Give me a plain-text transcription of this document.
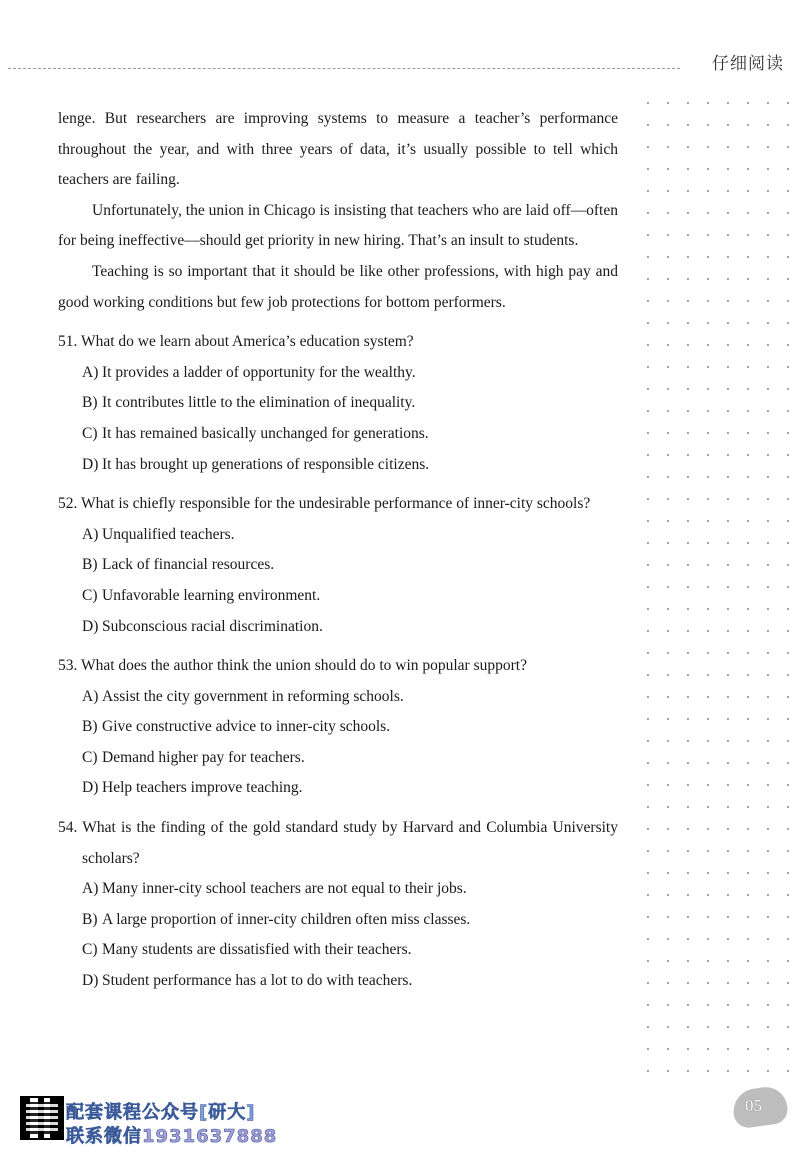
仔细阅读

lenge. But researchers are improving systems to measure a teacher’s performance throughout the year, and with three years of data, it’s usually possible to tell which teachers are failing.

Unfortunately, the union in Chicago is insisting that teachers who are laid off—often for being ineffective—should get priority in new hiring. That’s an insult to students.

Teaching is so important that it should be like other professions, with high pay and good working conditions but few job protections for bottom performers.

51. What do we learn about America’s education system?

A) It provides a ladder of opportunity for the wealthy.

B) It contributes little to the elimination of inequality.

C) It has remained basically unchanged for generations.

D) It has brought up generations of responsible citizens.

52. What is chiefly responsible for the undesirable performance of inner-city schools?

A) Unqualified teachers.

B) Lack of financial resources.

C) Unfavorable learning environment.

D) Subconscious racial discrimination.

53. What does the author think the union should do to win popular support?

A) Assist the city government in reforming schools.

B) Give constructive advice to inner-city schools.

C) Demand higher pay for teachers.

D) Help teachers improve teaching.

54. What is the finding of the gold standard study by Harvard and Columbia University scholars?

A) Many inner-city school teachers are not equal to their jobs.

B) A large proportion of inner-city children often miss classes.

C) Many students are dissatisfied with their teachers.

D) Student performance has a lot to do with teachers.

配套课程公众号[研大]
联系微信1931637888
05
